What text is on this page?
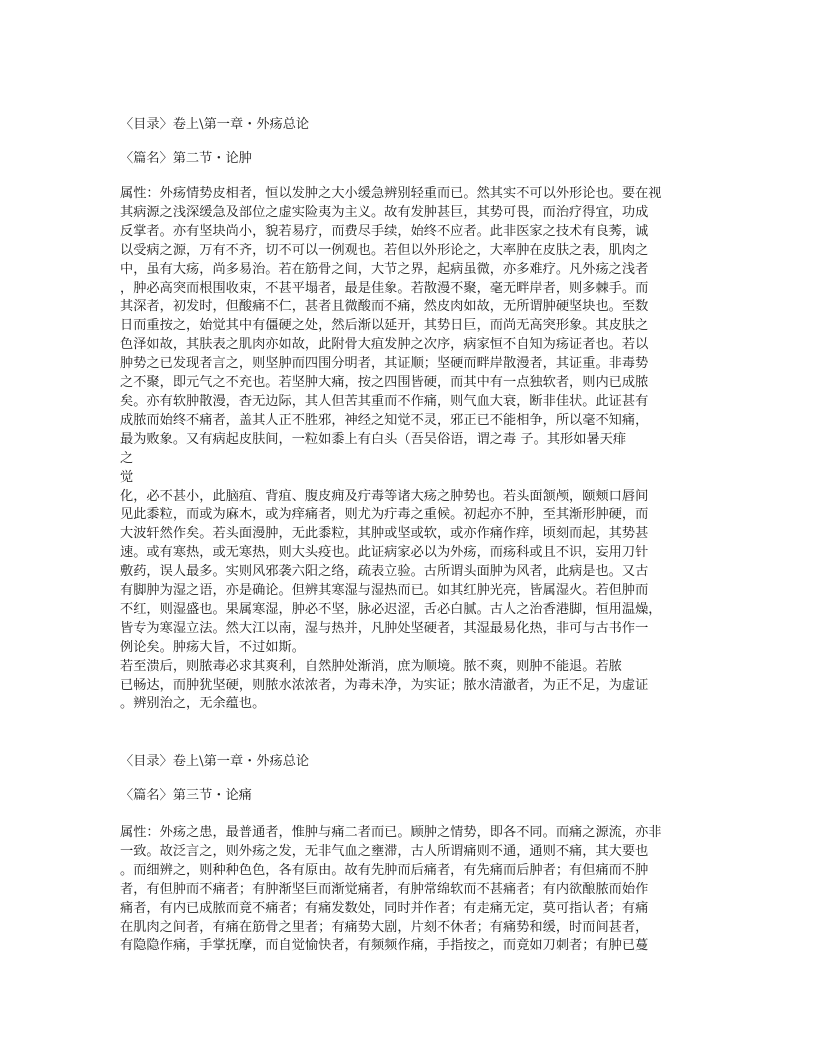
〈目录〉卷上\第一章・外疡总论

〈篇名〉第二节・论肿

属性：外疡情势皮相者，恒以发肿之大小缓急辨别轻重而已。然其实不可以外形论也。要在视

其病源之浅深缓急及部位之虚实险夷为主义。故有发肿甚巨，其势可畏，而治疗得宜，功成

反掌者。亦有坚块尚小，貌若易疗，而费尽手续，始终不应者。此非医家之技术有良莠，诚

以受病之源，万有不齐，切不可以一例观也。若但以外形论之，大率肿在皮肤之表，肌肉之

中，虽有大疡，尚多易治。若在筋骨之间，大节之界，起病虽微，亦多难疗。凡外疡之浅者

，肿必高突而根围收束，不甚平塌者，最是佳象。若散漫不聚，毫无畔岸者，则多棘手。而

其深者，初发时，但酸痛不仁，甚者且微酸而不痛，然皮肉如故，无所谓肿硬坚块也。至数

日而重按之，始觉其中有僵硬之处，然后渐以延开，其势日巨，而尚无高突形象。其皮肤之

色泽如故，其肤表之肌肉亦如故，此附骨大疽发肿之次序，病家恒不自知为疡证者也。若以

肿势之已发现者言之，则坚肿而四围分明者，其证顺；坚硬而畔岸散漫者，其证重。非毒势

之不聚，即元气之不充也。若坚肿大痛，按之四围皆硬，而其中有一点独软者，则内已成脓

矣。亦有软肿散漫，杳无边际，其人但苦其重而不作痛，则气血大衰，断非佳状。此证甚有

成脓而始终不痛者，盖其人正不胜邪，神经之知觉不灵，邪正已不能相争，所以毫不知痛，

最为败象。又有病起皮肤间，一粒如黍上有白头（吾吴俗语，谓之毒 子。其形如暑天痱

之

觉

化，必不甚小，此脑疽、背疽、腹皮痈及疔毒等诸大疡之肿势也。若头面颔颅，颐颊口唇间

见此黍粒，而或为麻木，或为痒痛者，则尤为疔毒之重候。初起亦不肿，至其渐形肿硬，而

大波轩然作矣。若头面漫肿，无此黍粒，其肿或坚或软，或亦作痛作痒，顷刻而起，其势甚

速。或有寒热，或无寒热，则大头疫也。此证病家必以为外疡，而疡科或且不识，妄用刀针

敷药，误人最多。实则风邪袭六阳之络，疏表立验。古所谓头面肿为风者，此病是也。又古

有脚肿为湿之语，亦是确论。但辨其寒湿与湿热而已。如其红肿光亮，皆属湿火。若但肿而

不红，则湿盛也。果属寒湿，肿必不坚，脉必迟涩，舌必白腻。古人之治香港脚，恒用温燥，

皆专为寒湿立法。然大江以南，湿与热并，凡肿处坚硬者，其湿最易化热，非可与古书作一

例论矣。肿疡大旨，不过如斯。

若至溃后，则脓毒必求其爽利，自然肿处渐消，庶为顺境。脓不爽，则肿不能退。若脓

已畅达，而肿犹坚硬，则脓水浓浓者，为毒未净，为实证；脓水清澈者，为正不足，为虚证

。辨别治之，无余蕴也。

〈目录〉卷上\第一章・外疡总论

〈篇名〉第三节・论痛

属性：外疡之患，最普通者，惟肿与痛二者而已。顾肿之情势，即各不同。而痛之源流，亦非

一致。故泛言之，则外疡之发，无非气血之壅滞，古人所谓痛则不通，通则不痛，其大要也

。而细辨之，则种种色色，各有原由。故有先肿而后痛者，有先痛而后肿者；有但痛而不肿

者，有但肿而不痛者；有肿渐坚巨而渐觉痛者，有肿常绵软而不甚痛者；有内欲酿脓而始作

痛者，有内已成脓而竟不痛者；有痛发数处，同时并作者；有走痛无定，莫可指认者；有痛

在肌肉之间者，有痛在筋骨之里者；有痛势大剧，片刻不休者；有痛势和缓，时而间甚者，

有隐隐作痛，手掌抚摩，而自觉愉快者，有频频作痛，手指按之，而竟如刀刺者；有肿已蔓
